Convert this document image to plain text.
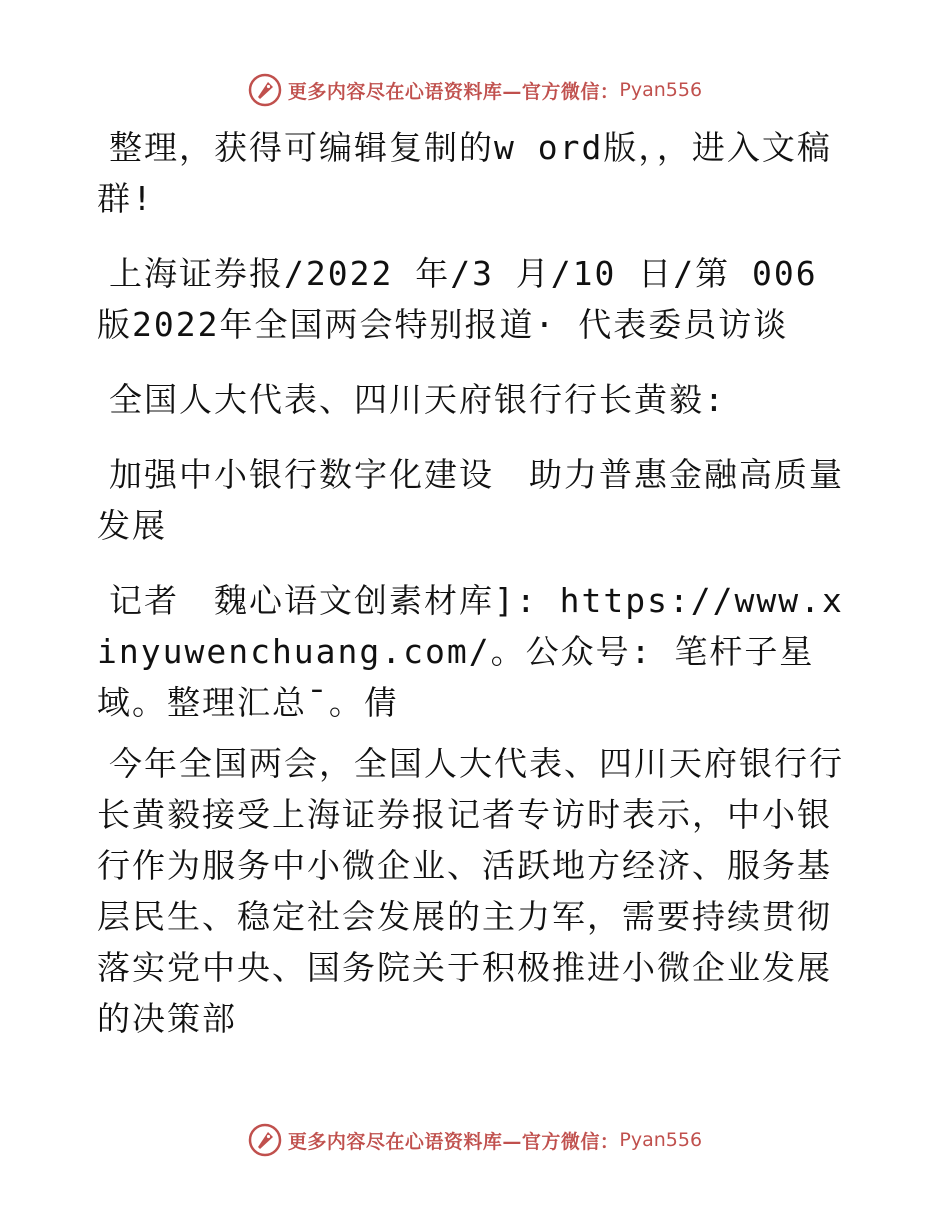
更多内容尽在心语资料库—官方微信： Pyan556

整理，获得可编辑复制的w ord版，，进入文稿群!

上海证券报/2022 年/3 月/10 日/第 006 版2022年全国两会特别报道· 代表委员访谈

全国人大代表、四川天府银行行长黄毅:

加强中小银行数字化建设　助力普惠金融高质量发展

记者　魏心语文创素材库]: https://www.xinyuwenchuang.com/。公众号: 笔杆子星域。整理汇总¯。倩

今年全国两会，全国人大代表、四川天府银行行长黄毅接受上海证券报记者专访时表示，中小银行作为服务中小微企业、活跃地方经济、服务基层民生、稳定社会发展的主力军，需要持续贯彻落实党中央、国务院关于积极推进小微企业发展的决策部

更多内容尽在心语资料库—官方微信： Pyan556
